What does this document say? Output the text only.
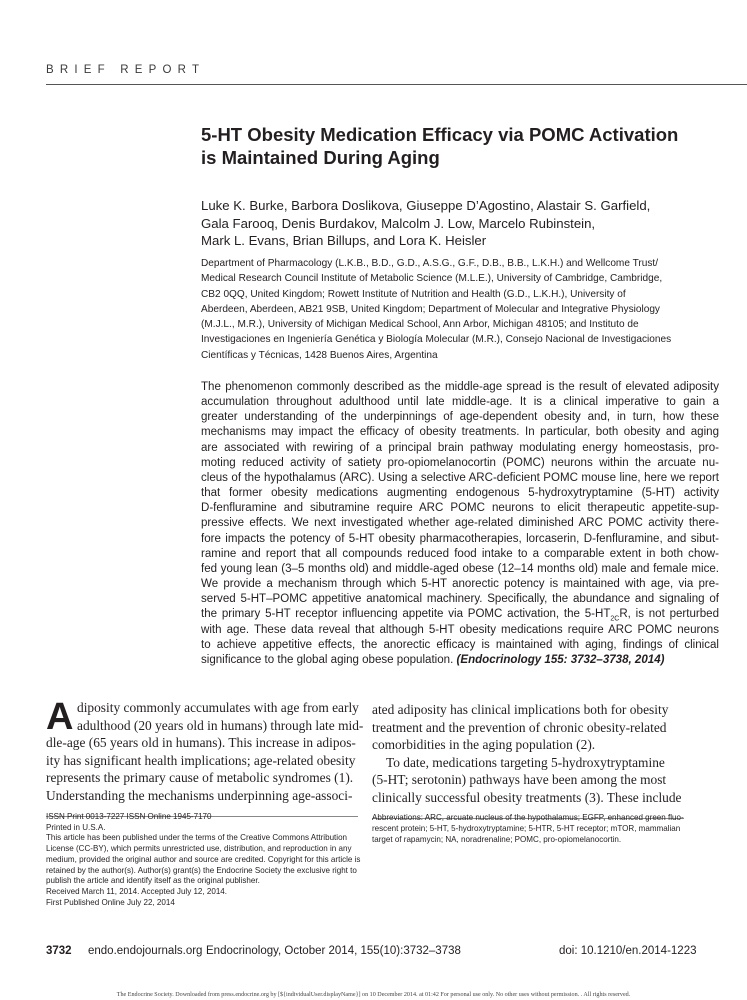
BRIEF REPORT
5-HT Obesity Medication Efficacy via POMC Activation
is Maintained During Aging
Luke K. Burke, Barbora Doslikova, Giuseppe D’Agostino, Alastair S. Garfield,
Gala Farooq, Denis Burdakov, Malcolm J. Low, Marcelo Rubinstein,
Mark L. Evans, Brian Billups, and Lora K. Heisler
Department of Pharmacology (L.K.B., B.D., G.D., A.S.G., G.F., D.B., B.B., L.K.H.) and Wellcome Trust/
Medical Research Council Institute of Metabolic Science (M.L.E.), University of Cambridge, Cambridge,
CB2 0QQ, United Kingdom; Rowett Institute of Nutrition and Health (G.D., L.K.H.), University of
Aberdeen, Aberdeen, AB21 9SB, United Kingdom; Department of Molecular and Integrative Physiology
(M.J.L., M.R.), University of Michigan Medical School, Ann Arbor, Michigan 48105; and Instituto de
Investigaciones en Ingeniería Genética y Biología Molecular (M.R.), Consejo Nacional de Investigaciones
Científicas y Técnicas, 1428 Buenos Aires, Argentina
The phenomenon commonly described as the middle-age spread is the result of elevated adiposity
accumulation throughout adulthood until late middle-age. It is a clinical imperative to gain a
greater understanding of the underpinnings of age-dependent obesity and, in turn, how these
mechanisms may impact the efficacy of obesity treatments. In particular, both obesity and aging
are associated with rewiring of a principal brain pathway modulating energy homeostasis, pro-
moting reduced activity of satiety pro-opiomelanocortin (POMC) neurons within the arcuate nu-
cleus of the hypothalamus (ARC). Using a selective ARC-deficient POMC mouse line, here we report
that former obesity medications augmenting endogenous 5-hydroxytryptamine (5-HT) activity
D-fenfluramine and sibutramine require ARC POMC neurons to elicit therapeutic appetite-sup-
pressive effects. We next investigated whether age-related diminished ARC POMC activity there-
fore impacts the potency of 5-HT obesity pharmacotherapies, lorcaserin, D-fenfluramine, and sibut-
ramine and report that all compounds reduced food intake to a comparable extent in both chow-
fed young lean (3–5 months old) and middle-aged obese (12–14 months old) male and female mice.
We provide a mechanism through which 5-HT anorectic potency is maintained with age, via pre-
served 5-HT–POMC appetitive anatomical machinery. Specifically, the abundance and signaling of
the primary 5-HT receptor influencing appetite via POMC activation, the $5-HT_{2C}R$, is not perturbed
with age. These data reveal that although 5-HT obesity medications require ARC POMC neurons
to achieve appetitive effects, the anorectic efficacy is maintained with aging, findings of clinical
significance to the global aging obese population. (Endocrinology 155: 3732–3738, 2014)
A diposity commonly accumulates with age from early
adulthood (20 years old in humans) through late mid-
dle-age (65 years old in humans). This increase in adipos-
ity has significant health implications; age-related obesity
represents the primary cause of metabolic syndromes (1).
Understanding the mechanisms underpinning age-associ-
ated adiposity has clinical implications both for obesity
treatment and the prevention of chronic obesity-related
comorbidities in the aging population (2).
To date, medications targeting 5-hydroxytryptamine
(5-HT; serotonin) pathways have been among the most
clinically successful obesity treatments (3). These include
ISSN Print 0013-7227 ISSN Online 1945-7170
Printed in U.S.A.
This article has been published under the terms of the Creative Commons Attribution
License (CC-BY), which permits unrestricted use, distribution, and reproduction in any
medium, provided the original author and source are credited. Copyright for this article is
retained by the author(s). Author(s) grant(s) the Endocrine Society the exclusive right to
publish the article and identify itself as the original publisher.
Received March 11, 2014. Accepted July 12, 2014.
First Published Online July 22, 2014
Abbreviations: ARC, arcuate nucleus of the hypothalamus; EGFP, enhanced green fluo-
rescent protein; 5-HT, 5-hydroxytryptamine; 5-HTR, 5-HT receptor; mTOR, mammalian
target of rapamycin; NA, noradrenaline; POMC, pro-opiomelanocortin.
3732 endo.endojournals.org Endocrinology, October 2014, 155(10):3732–3738	doi: 10.1210/en.2014-1223
The Endocrine Society. Downloaded from press.endocrine.org by [${individualUser.displayName}] on 10 December 2014. at 01:42 For personal use only. No other uses without permission. . All rights reserved.
